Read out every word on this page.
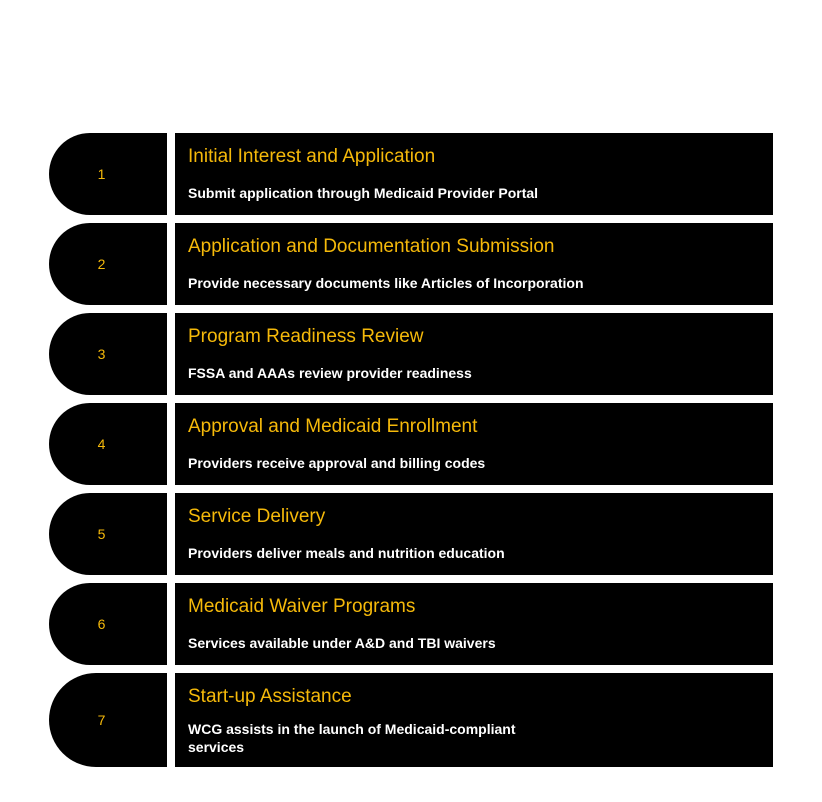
1
Initial Interest and Application
Submit application through Medicaid Provider Portal
2
Application and Documentation Submission
Provide necessary documents like Articles of Incorporation
3
Program Readiness Review
FSSA and AAAs review provider readiness
4
Approval and Medicaid Enrollment
Providers receive approval and billing codes
5
Service Delivery
Providers deliver meals and nutrition education
6
Medicaid Waiver Programs
Services available under A&D and TBI waivers
7
Start-up Assistance
WCG assists in the launch of Medicaid-compliant services
